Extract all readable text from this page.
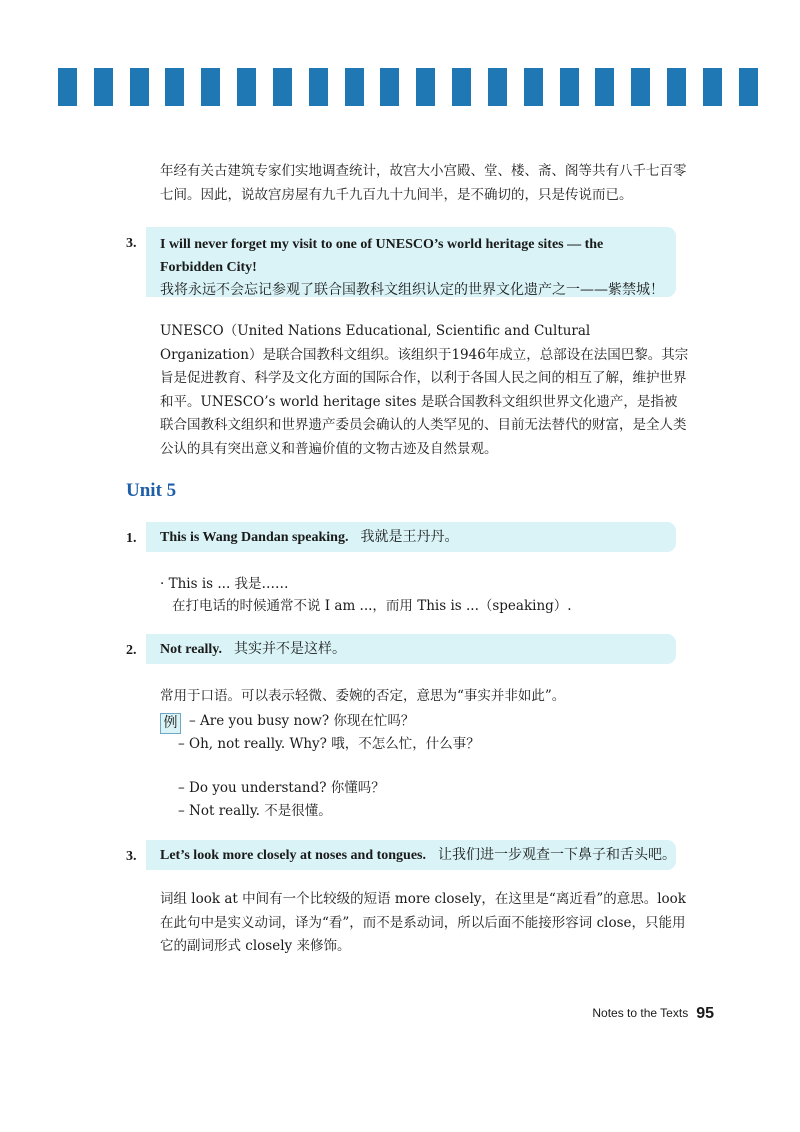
年经有关古建筑专家们实地调查统计，故宫大小宫殿、堂、楼、斋、阁等共有八千七百零七间。因此，说故宫房屋有九千九百九十九间半，是不确切的，只是传说而已。
3. I will never forget my visit to one of UNESCO’s world heritage sites — the Forbidden City!
我将永远不会忘记参观了联合国教科文组织认定的世界文化遗产之一——紫禁城！
UNESCO（United Nations Educational, Scientific and Cultural Organization）是联合国教科文组织。该组织于1946年成立，总部设在法国巴黎。其宗旨是促进教育、科学及文化方面的国际合作，以利于各国人民之间的相互了解，维护世界和平。UNESCO’s world heritage sites 是联合国教科文组织世界文化遗产，是指被联合国教科文组织和世界遗产委员会确认的人类罕见的、目前无法替代的财富，是全人类公认的具有突出意义和普遍价值的文物古迹及自然景观。
Unit 5
1.	This is Wang Dandan speaking. 我就是王丹丹。
· This is ... 我是……
在打电话的时候通常不说 I am ...，而用 This is ...（speaking）.
2.	Not really. 其实并不是这样。
常用于口语。可以表示轻微、委婉的否定，意思为“事实并非如此”。
例 – Are you busy now? 你现在忙吗？
– Oh, not really. Why? 哦，不怎么忙，什么事？
– Do you understand? 你懂吗？
– Not really. 不是很懂。
3.	Let’s look more closely at noses and tongues. 让我们进一步观查一下鼻子和舌头吧。
词组 look at 中间有一个比较级的短语 more closely，在这里是“离近看”的意思。look 在此句中是实义动词，译为“看”，而不是系动词，所以后面不能接形容词 close，只能用它的副词形式 closely 来修饰。
Notes to the Texts 95
